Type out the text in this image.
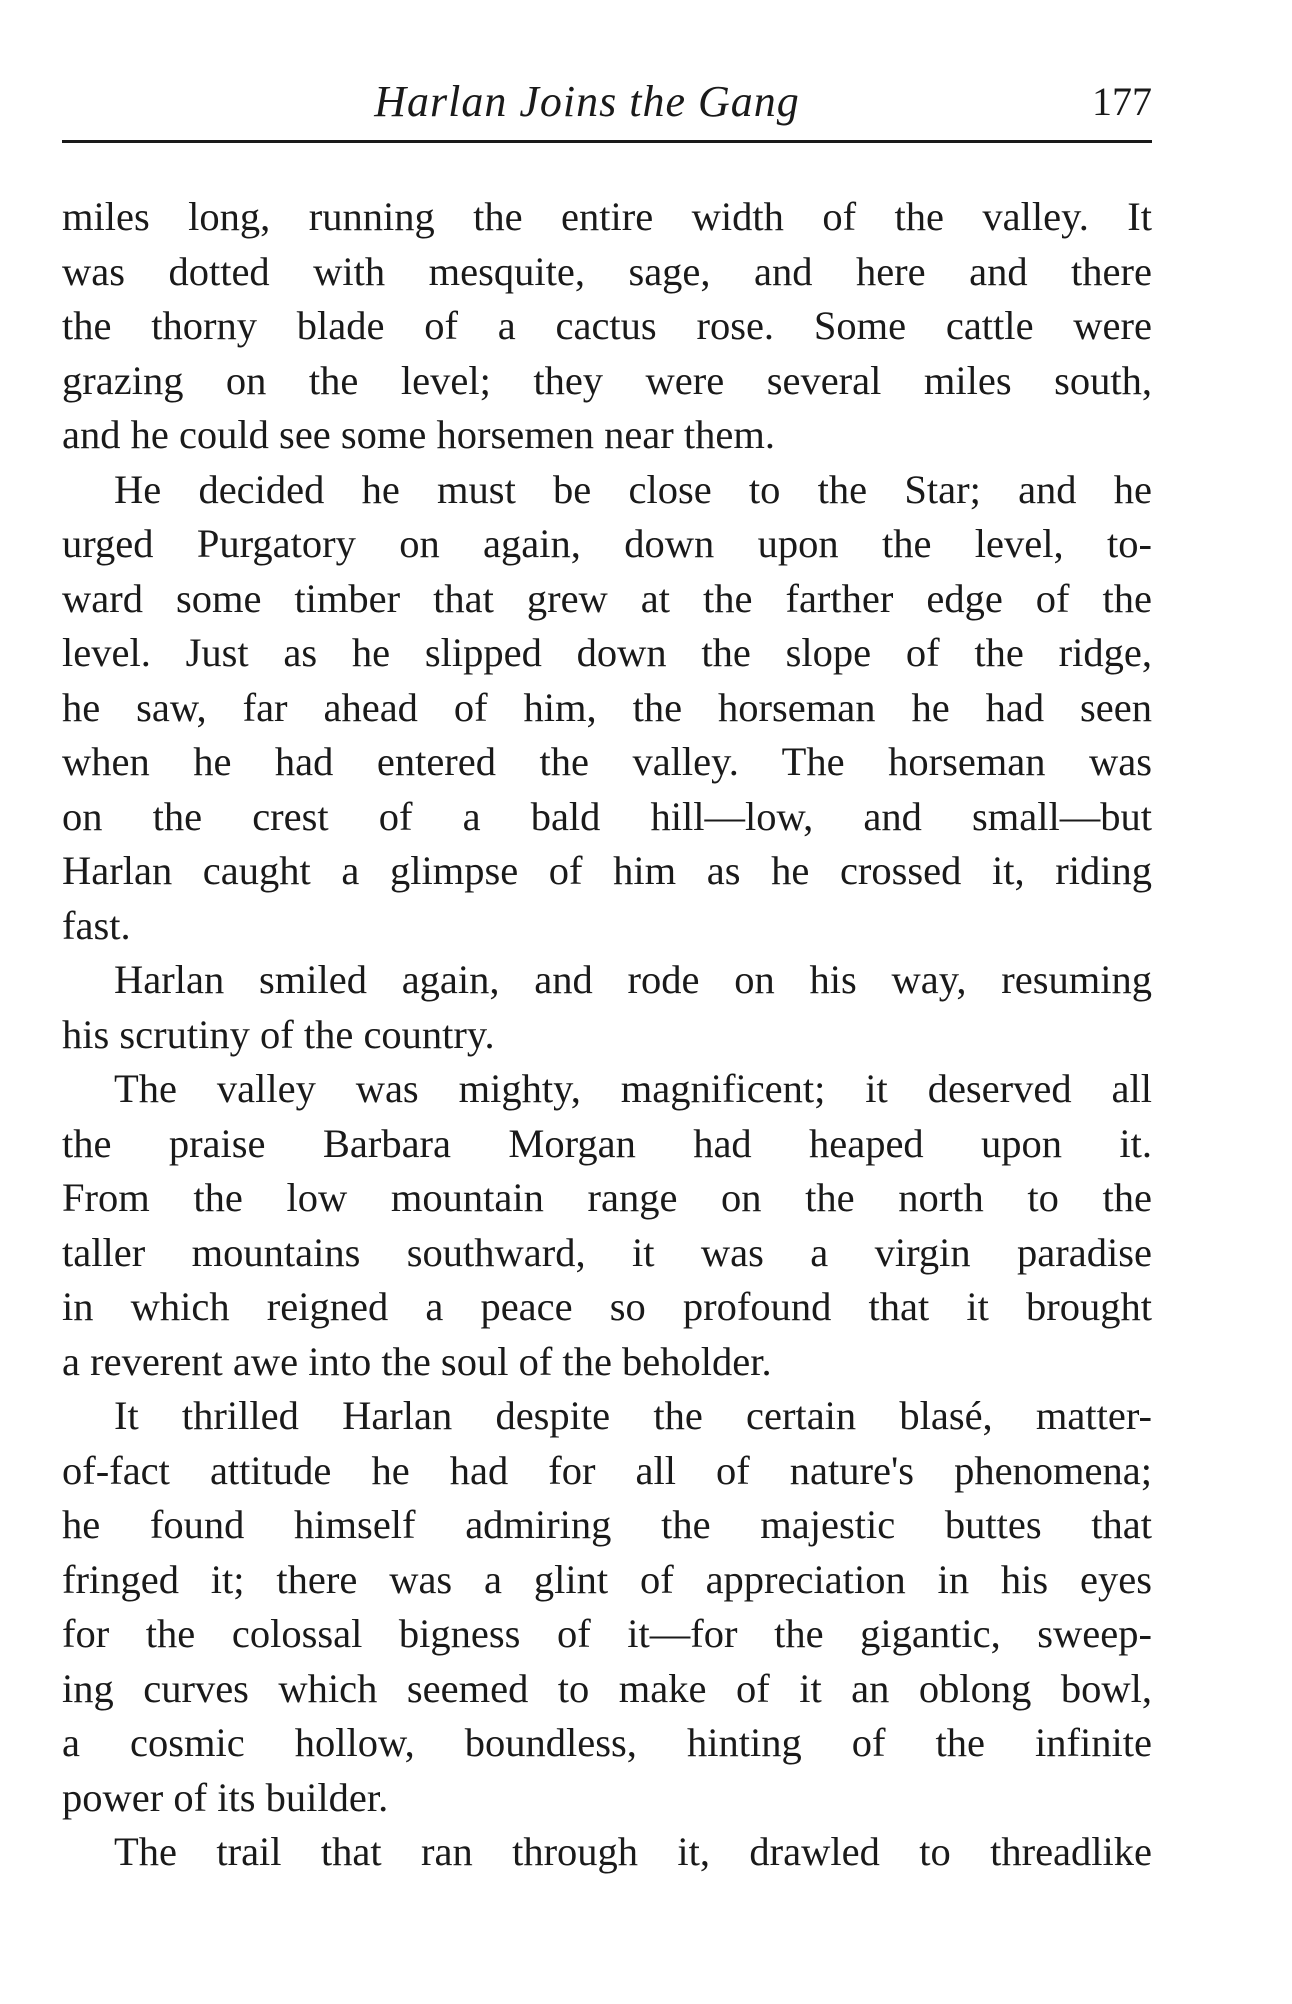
Harlan Joins the Gang	177
miles long, running the entire width of the valley. It
was dotted with mesquite, sage, and here and there
the thorny blade of a cactus rose. Some cattle were
grazing on the level; they were several miles south,
and he could see some horsemen near them.
He decided he must be close to the Star; and he
urged Purgatory on again, down upon the level, to-
ward some timber that grew at the farther edge of the
level. Just as he slipped down the slope of the ridge,
he saw, far ahead of him, the horseman he had seen
when he had entered the valley. The horseman was
on the crest of a bald hill—low, and small—but
Harlan caught a glimpse of him as he crossed it, riding
fast.
Harlan smiled again, and rode on his way, resuming
his scrutiny of the country.
The valley was mighty, magnificent; it deserved all
the praise Barbara Morgan had heaped upon it.
From the low mountain range on the north to the
taller mountains southward, it was a virgin paradise
in which reigned a peace so profound that it brought
a reverent awe into the soul of the beholder.
It thrilled Harlan despite the certain blasé, matter-
of-fact attitude he had for all of nature's phenomena;
he found himself admiring the majestic buttes that
fringed it; there was a glint of appreciation in his eyes
for the colossal bigness of it—for the gigantic, sweep-
ing curves which seemed to make of it an oblong bowl,
a cosmic hollow, boundless, hinting of the infinite
power of its builder.
The trail that ran through it, drawled to threadlike
